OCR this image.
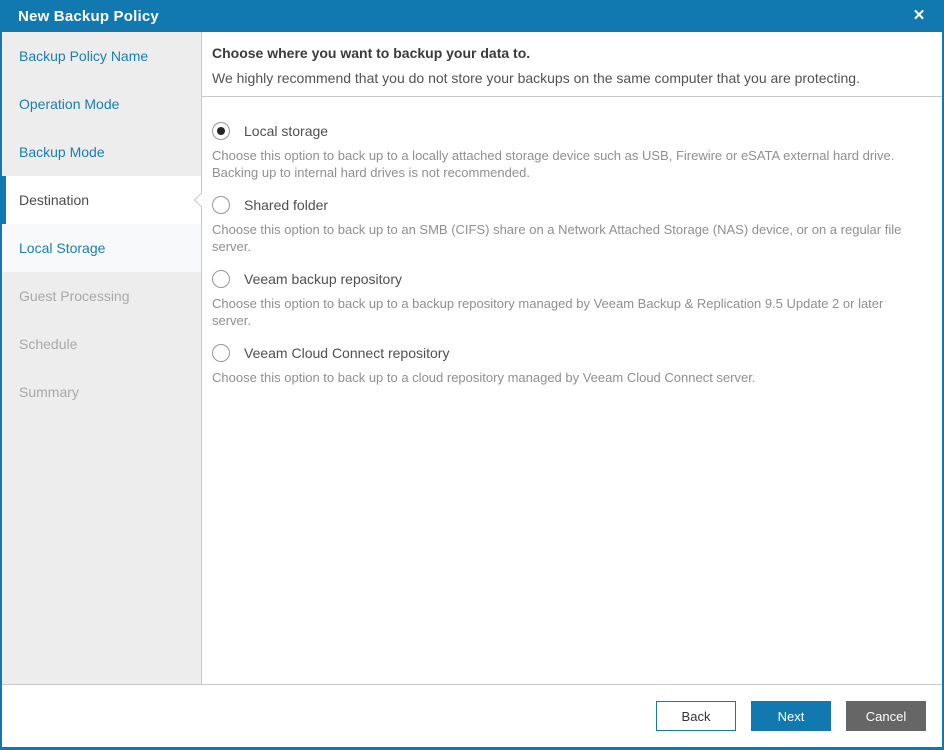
New Backup Policy	✕
Backup Policy Name
Operation Mode
Backup Mode
Destination
Local Storage
Guest Processing
Schedule
Summary
Choose where you want to backup your data to.
We highly recommend that you do not store your backups on the same computer that you are protecting.
Local storage
Choose this option to back up to a locally attached storage device such as USB, Firewire or eSATA external hard drive. Backing up to internal hard drives is not recommended.
Shared folder
Choose this option to back up to an SMB (CIFS) share on a Network Attached Storage (NAS) device, or on a regular file server.
Veeam backup repository
Choose this option to back up to a backup repository managed by Veeam Backup & Replication 9.5 Update 2 or later server.
Veeam Cloud Connect repository
Choose this option to back up to a cloud repository managed by Veeam Cloud Connect server.
Back	Next	Cancel
